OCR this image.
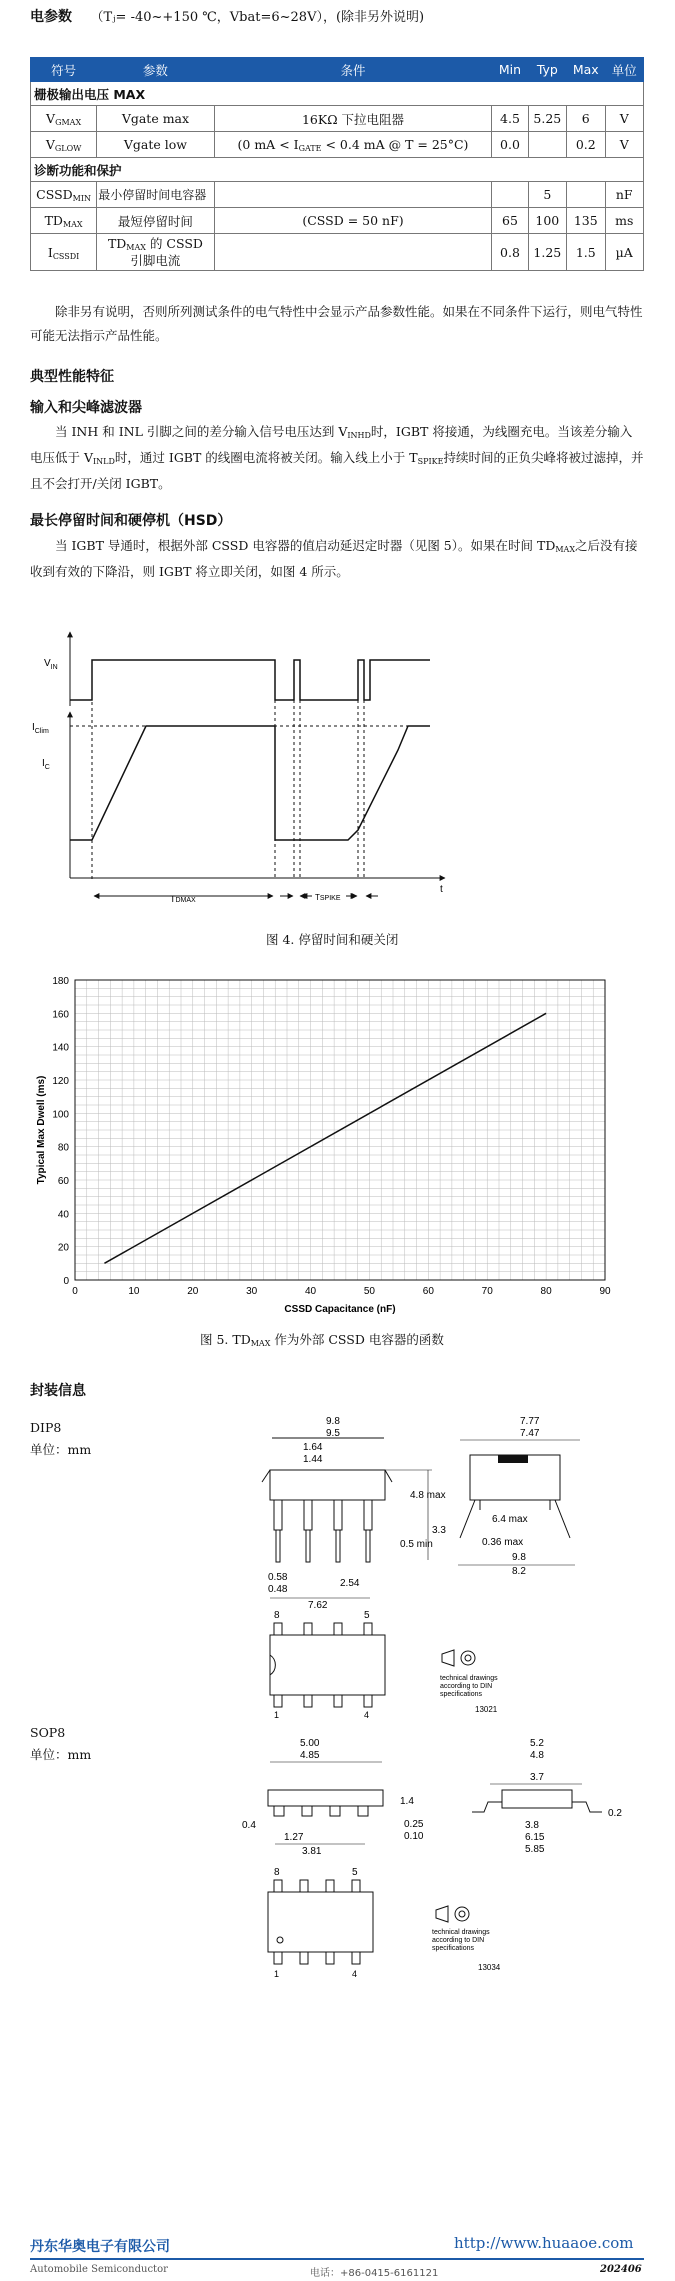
电参数 （Tⱼ= -40~+150 ℃，Vbat=6~28V），(除非另外说明)
符号	参数	条件	Min	Typ	Max	单位
栅极输出电压 MAX						
$V_{GMAX}$	Vgate max	16KΩ 下拉电阻器	4.5	5.25	6	V
$V_{GLOW}$	Vgate low	(0 mA < $I_{GATE} < 0.4$ mA @ T = 25°C)	0.0		0.2	V
诊断功能和保护						
$CSSD_{MIN}$	最小停留时间电容器			5		nF
$TD_{MAX}$	最短停留时间	(CSSD = 50 nF)	65	100	135	ms
$I_{CSSDI}$	$TD_{MAX}$ 的 CSSD 引脚电流		0.8	1.25	1.5	µA
除非另有说明，否则所列测试条件的电气特性中会显示产品参数性能。如果在不同条件下运行，则电气特性可能无法指示产品性能。
典型性能特征
输入和尖峰滤波器
当 INH 和 INL 引脚之间的差分输入信号电压达到 $V_{INHD}$时，IGBT 将接通，为线圈充电。当该差分输入电压低于 $V_{INLD}$时，通过 IGBT 的线圈电流将被关闭。输入线上小于 $T_{SPIKE}$持续时间的正负尖峰将被过滤掉，并且不会打开/关闭 IGBT。
最长停留时间和硬停机（HSD）
当 IGBT 导通时，根据外部 CSSD 电容器的值启动延迟定时器（见图 5）。如果在时间 $TD_{MAX}$之后没有接收到有效的下降沿，则 IGBT 将立即关闭，如图 4 所示。
$V_{IN}$
t
$I_{Clim}$
$I_C$
TDMAX	TSPIKE
图 4. 停留时间和硬关闭
0	10	20	30	40	50	60	70	80	90
0
20
40
60
80
100
120
140
160
180
CSSD Capacitance (nF)
Typical Max Dwell (ms)
图 5. $TD_{MAX}$ 作为外部 CSSD 电容器的函数
封装信息
DIP8
单位：mm
9.8
9.5
1.64
1.44
4.8 max
3.3
0.5 min
0.58
0.48
2.54
7.62
7.77
7.47
6.4 max
0.36 max
9.8
8.2
8	5
1	4
technical drawings
according to DIN
specifications
13021
SOP8
单位：mm
5.00
4.85
1.4
0.25
0.10
0.4
1.27
3.81
5.2
4.8
3.7
0.2
3.8
6.15
5.85
8	5
1	4
technical drawings
according to DIN
specifications
13034
丹东华奥电子有限公司	http://www.huaaoe.com
Automobile Semiconductor	电话：+86-0415-6161121	202406
